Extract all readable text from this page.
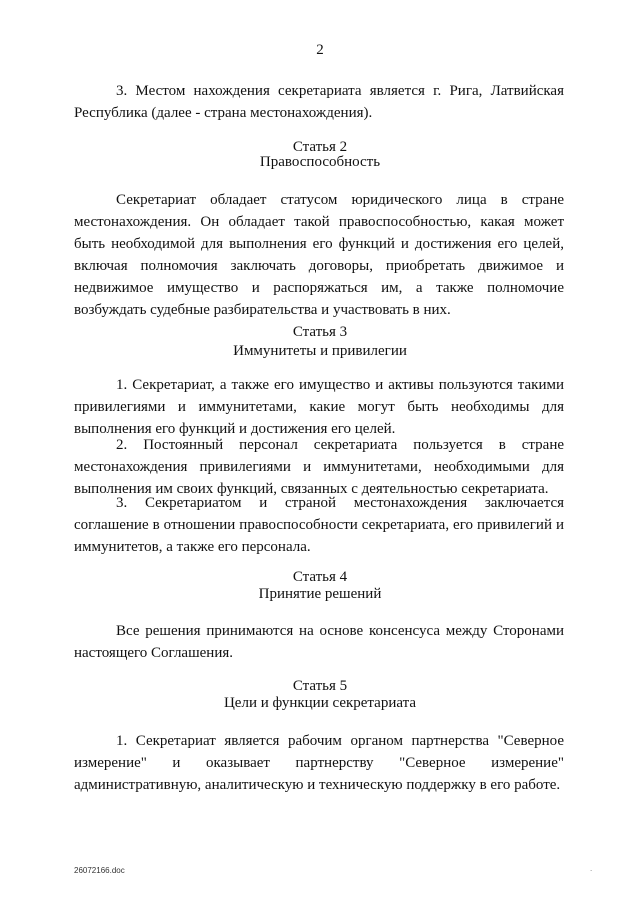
2

3. Местом нахождения секретариата является г. Рига, Латвийская Республика (далее - страна местонахождения).

Статья 2

Правоспособность

Секретариат обладает статусом юридического лица в стране местонахождения. Он обладает такой правоспособностью, какая может быть необходимой для выполнения его функций и достижения его целей, включая полномочия заключать договоры, приобретать движимое и недвижимое имущество и распоряжаться им, а также полномочие возбуждать судебные разбирательства и участвовать в них.

Статья 3

Иммунитеты и привилегии

1. Секретариат, а также его имущество и активы пользуются такими привилегиями и иммунитетами, какие могут быть необходимы для выполнения его функций и достижения его целей.

2. Постоянный персонал секретариата пользуется в стране местонахождения привилегиями и иммунитетами, необходимыми для выполнения им своих функций, связанных с деятельностью секретариата.

3. Секретариатом и страной местонахождения заключается соглашение в отношении правоспособности секретариата, его привилегий и иммунитетов, а также его персонала.

Статья 4

Принятие решений

Все решения принимаются на основе консенсуса между Сторонами настоящего Соглашения.

Статья 5

Цели и функции секретариата

1. Секретариат является рабочим органом партнерства "Северное измерение" и оказывает партнерству "Северное измерение" административную, аналитическую и техническую поддержку в его работе.

26072166.doc	.
